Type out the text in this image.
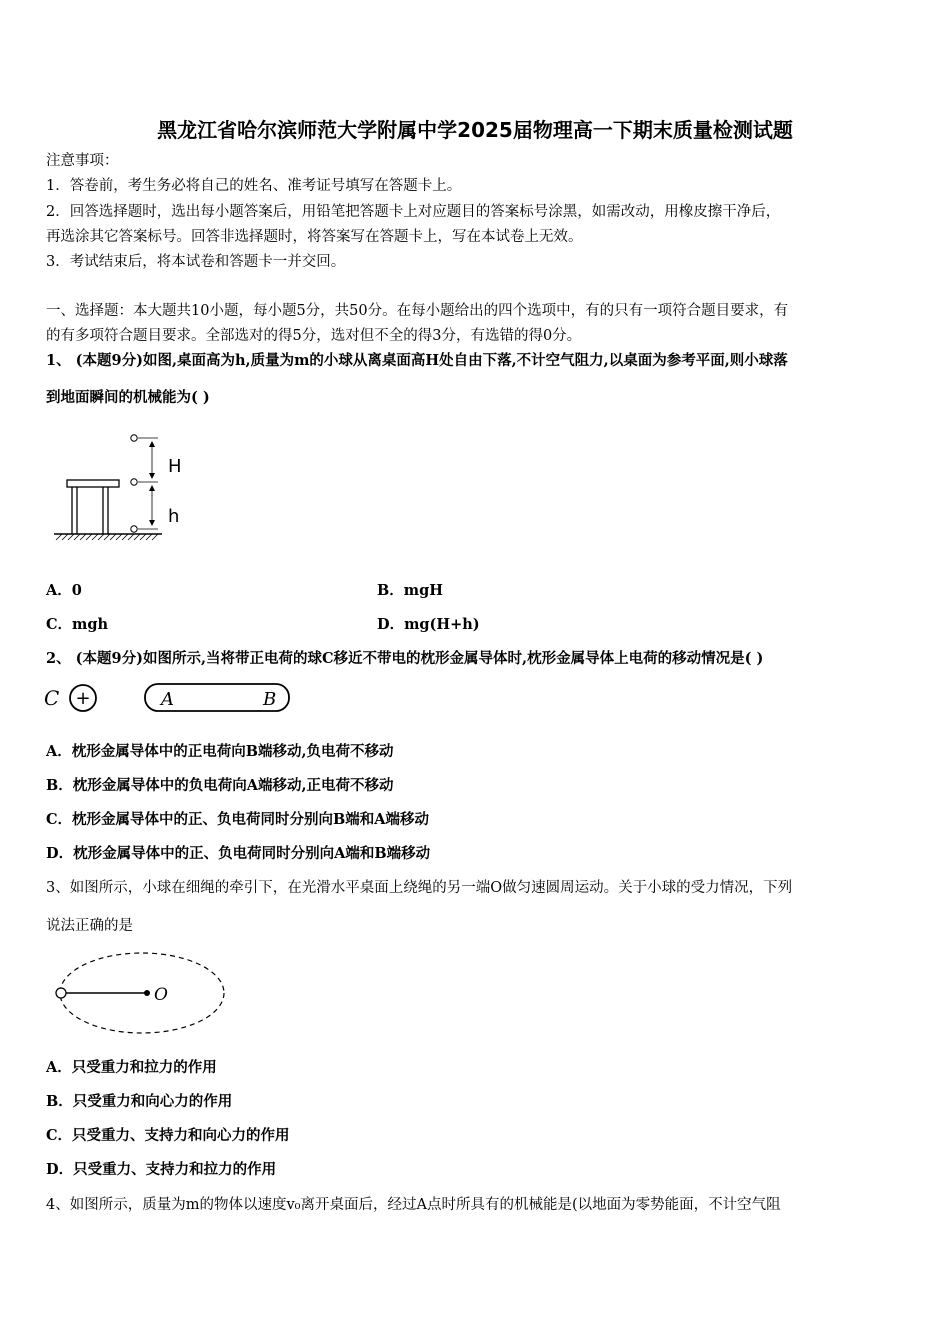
黑龙江省哈尔滨师范大学附属中学2025届物理高一下期末质量检测试题
注意事项：
1．答卷前，考生务必将自己的姓名、准考证号填写在答题卡上。
2．回答选择题时，选出每小题答案后，用铅笔把答题卡上对应题目的答案标号涂黑，如需改动，用橡皮擦干净后，
再选涂其它答案标号。回答非选择题时，将答案写在答题卡上，写在本试卷上无效。
3．考试结束后，将本试卷和答题卡一并交回。
一、选择题：本大题共10小题，每小题5分，共50分。在每小题给出的四个选项中，有的只有一项符合题目要求，有
的有多项符合题目要求。全部选对的得5分，选对但不全的得3分，有选错的得0分。
1、 (本题9分)如图,桌面高为h,质量为m的小球从离桌面高H处自由下落,不计空气阻力,以桌面为参考平面,则小球落
到地面瞬间的机械能为( )
H
h
A．0	B．mgH
C．mgh	D．mg(H+h)
2、 (本题9分)如图所示,当将带正电荷的球C移近不带电的枕形金属导体时,枕形金属导体上电荷的移动情况是( )
C +	A	B
A．枕形金属导体中的正电荷向B端移动,负电荷不移动
B．枕形金属导体中的负电荷向A端移动,正电荷不移动
C．枕形金属导体中的正、负电荷同时分别向B端和A端移动
D．枕形金属导体中的正、负电荷同时分别向A端和B端移动
3、如图所示，小球在细绳的牵引下，在光滑水平桌面上绕绳的另一端O做匀速圆周运动。关于小球的受力情况，下列
说法正确的是
O
A．只受重力和拉力的作用
B．只受重力和向心力的作用
C．只受重力、支持力和向心力的作用
D．只受重力、支持力和拉力的作用
4、如图所示，质量为m的物体以速度v₀离开桌面后，经过A点时所具有的机械能是(以地面为零势能面，不计空气阻
